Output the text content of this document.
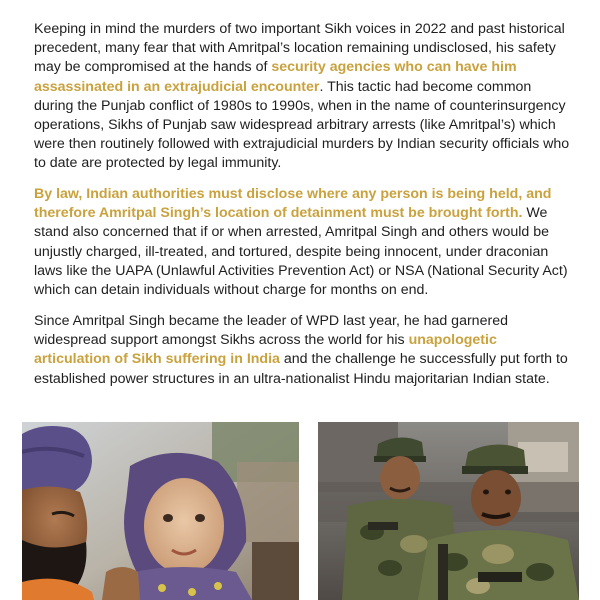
Keeping in mind the murders of two important Sikh voices in 2022 and past historical precedent, many fear that with Amritpal’s location remaining undisclosed, his safety may be compromised at the hands of security agencies who can have him assassinated in an extrajudicial encounter. This tactic had become common during the Punjab conflict of 1980s to 1990s, when in the name of counterinsurgency operations, Sikhs of Punjab saw widespread arbitrary arrests (like Amritpal’s) which were then routinely followed with extrajudicial murders by Indian security officials who to date are protected by legal immunity.

By law, Indian authorities must disclose where any person is being held, and therefore Amritpal Singh’s location of detainment must be brought forth. We stand also concerned that if or when arrested, Amritpal Singh and others would be unjustly charged, ill-treated, and tortured, despite being innocent, under draconian laws like the UAPA (Unlawful Activities Prevention Act) or NSA (National Security Act) which can detain individuals without charge for months on end.

Since Amritpal Singh became the leader of WPD last year, he had garnered widespread support amongst Sikhs across the world for his unapologetic articulation of Sikh suffering in India and the challenge he successfully put forth to established power structures in an ultra-nationalist Hindu majoritarian Indian state.
